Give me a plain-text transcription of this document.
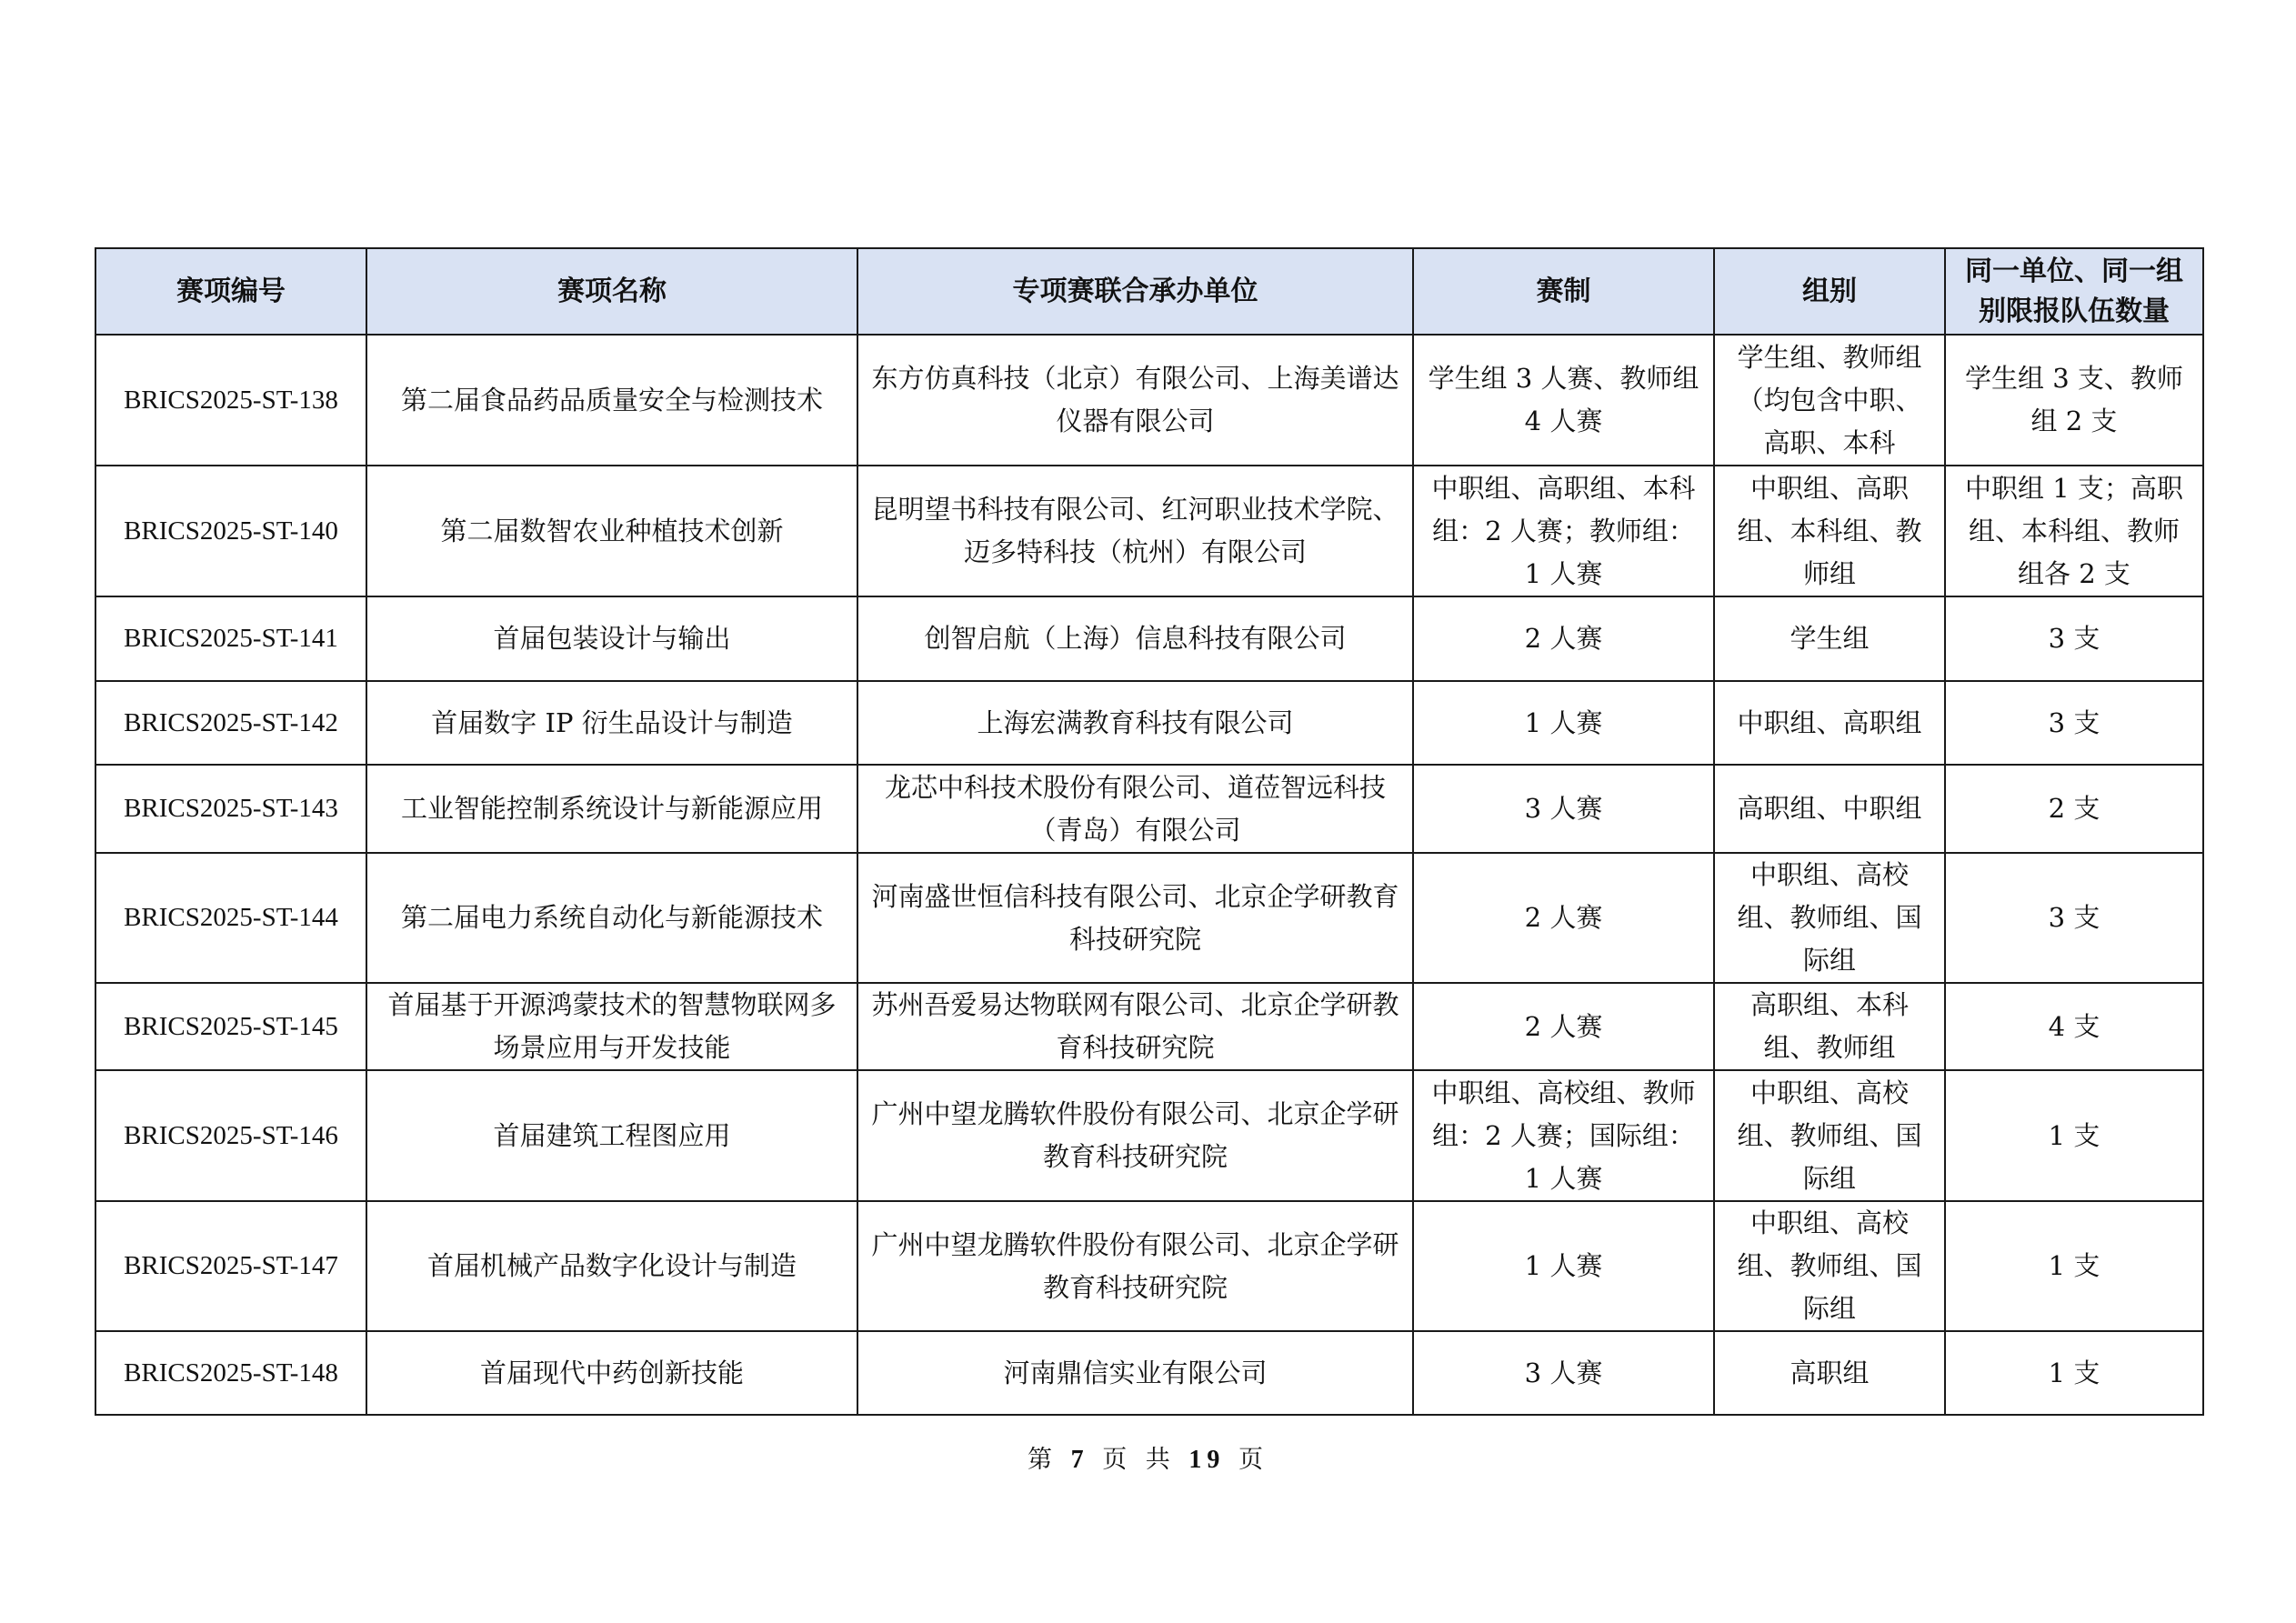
赛项编号	赛项名称	专项赛联合承办单位	赛制	组别	同一单位、同一组别限报队伍数量
BRICS2025-ST-138	第二届食品药品质量安全与检测技术	东方仿真科技（北京）有限公司、上海美谱达仪器有限公司	学生组 3 人赛、教师组 4 人赛	学生组、教师组（均包含中职、高职、本科	学生组 3 支、教师组 2 支
BRICS2025-ST-140	第二届数智农业种植技术创新	昆明望书科技有限公司、红河职业技术学院、迈多特科技（杭州）有限公司	中职组、高职组、本科组：2 人赛；教师组：1 人赛	中职组、高职组、本科组、教师组	中职组 1 支；高职组、本科组、教师组各 2 支
BRICS2025-ST-141	首届包装设计与输出	创智启航（上海）信息科技有限公司	2 人赛	学生组	3 支
BRICS2025-ST-142	首届数字 IP 衍生品设计与制造	上海宏满教育科技有限公司	1 人赛	中职组、高职组	3 支
BRICS2025-ST-143	工业智能控制系统设计与新能源应用	龙芯中科技术股份有限公司、道莅智远科技（青岛）有限公司	3 人赛	高职组、中职组	2 支
BRICS2025-ST-144	第二届电力系统自动化与新能源技术	河南盛世恒信科技有限公司、北京企学研教育科技研究院	2 人赛	中职组、高校组、教师组、国际组	3 支
BRICS2025-ST-145	首届基于开源鸿蒙技术的智慧物联网多场景应用与开发技能	苏州吾爱易达物联网有限公司、北京企学研教育科技研究院	2 人赛	高职组、本科组、教师组	4 支
BRICS2025-ST-146	首届建筑工程图应用	广州中望龙腾软件股份有限公司、北京企学研教育科技研究院	中职组、高校组、教师组：2 人赛；国际组：1 人赛	中职组、高校组、教师组、国际组	1 支
BRICS2025-ST-147	首届机械产品数字化设计与制造	广州中望龙腾软件股份有限公司、北京企学研教育科技研究院	1 人赛	中职组、高校组、教师组、国际组	1 支
BRICS2025-ST-148	首届现代中药创新技能	河南鼎信实业有限公司	3 人赛	高职组	1 支
第 7 页 共 19 页
